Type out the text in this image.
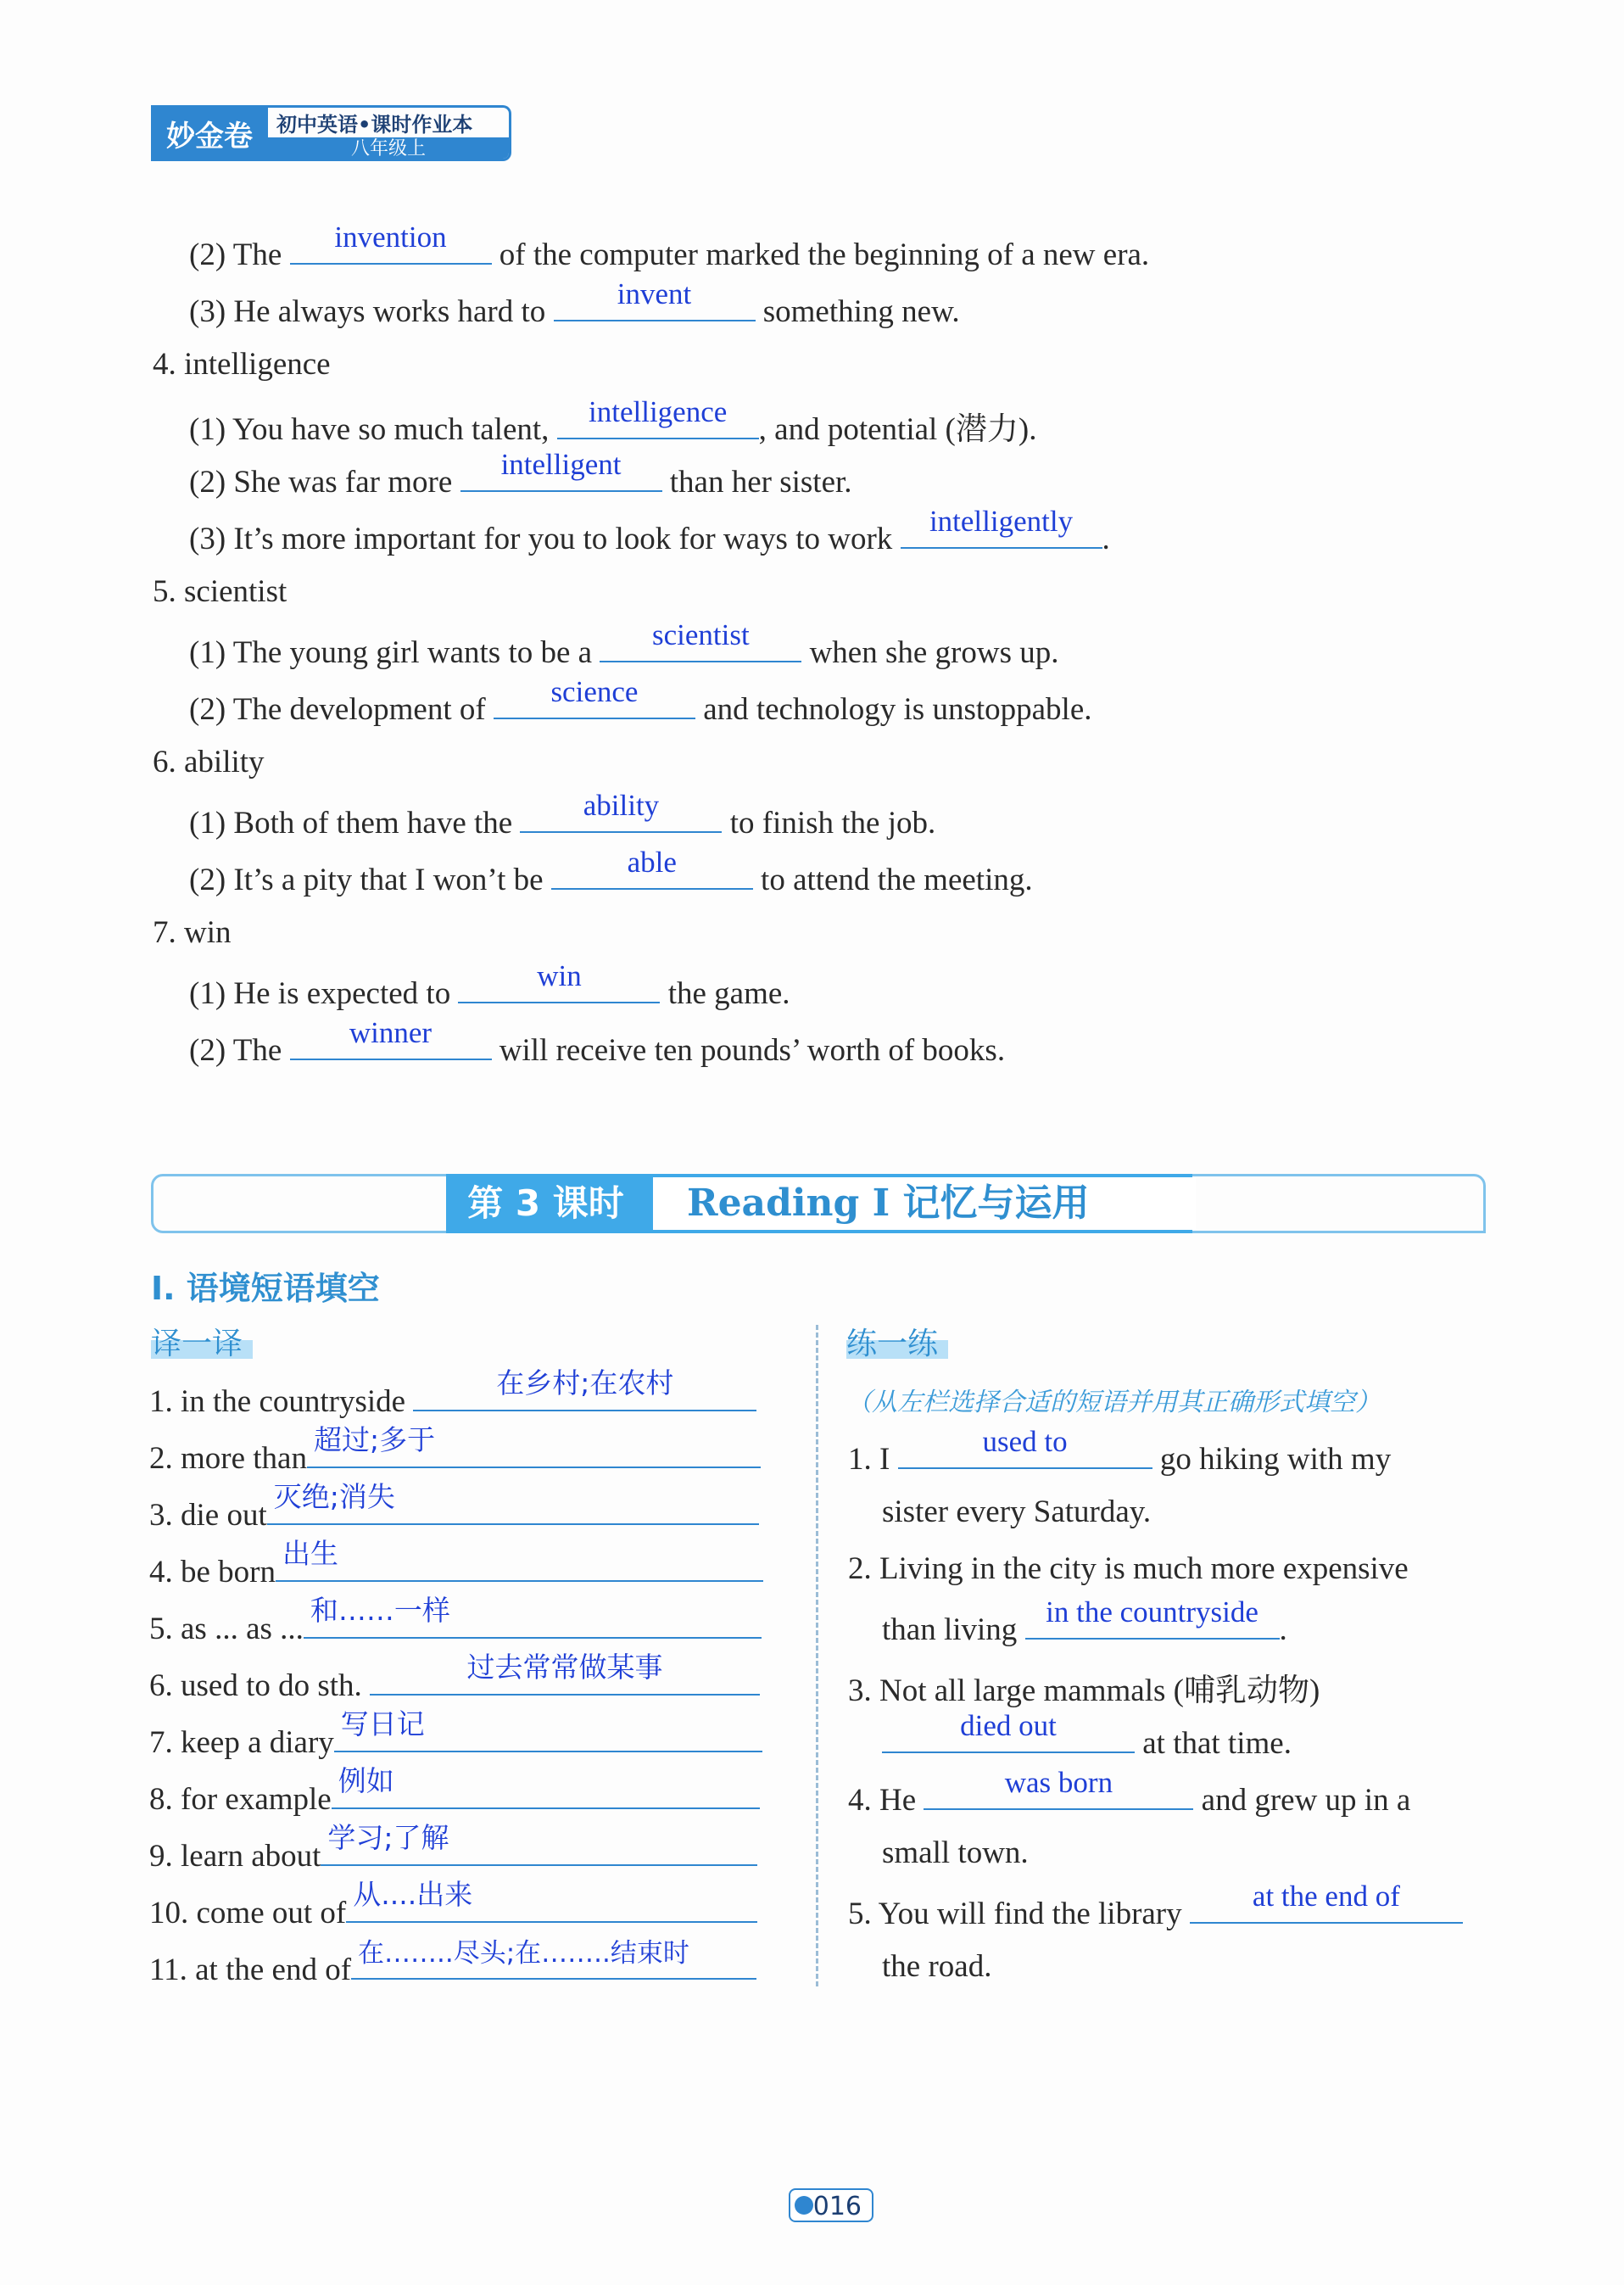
妙金卷	初中英语•课时作业本
八年级上
(2) The
invention
of the computer marked the beginning of a new era.
(3) He always works hard to
invent
something new.
4. intelligence
(1) You have so much talent,
intelligence
, and potential (潜力).
(2) She was far more
intelligent
than her sister.
(3) It’s more important for you to look for ways to work
intelligently
.
5. scientist
(1) The young girl wants to be a
scientist
when she grows up.
(2) The development of
science
and technology is unstoppable.
6. ability
(1) Both of them have the
ability
to finish the job.
(2) It’s a pity that I won’t be
able
to attend the meeting.
7. win
(1) He is expected to
win
the game.
(2) The
winner
will receive ten pounds’ worth of books.
第 3 课时	Reading I 记忆与运用
I. 语境短语填空
译一译	练一练
（从左栏选择合适的短语并用其正确形式填空）
1. in the countryside
在乡村;在农村
2. more than
超过;多于
3. die out
灭绝;消失
4. be born
出生
5. as ... as ...
和……一样
6. used to do sth.
过去常常做某事
7. keep a diary
写日记
8. for example
例如
9. learn about
学习;了解
10. come out of
从....出来
11. at the end of 在……..尽头;在……..结束时
1. I
used to
go hiking with my
sister every Saturday.
2. Living in the city is much more expensive
than living
in the countryside
.
3. Not all large mammals (哺乳动物)
died out
at that time.
4. He
was born
and grew up in a
small town.
5. You will find the library
at the end of
the road.
016
